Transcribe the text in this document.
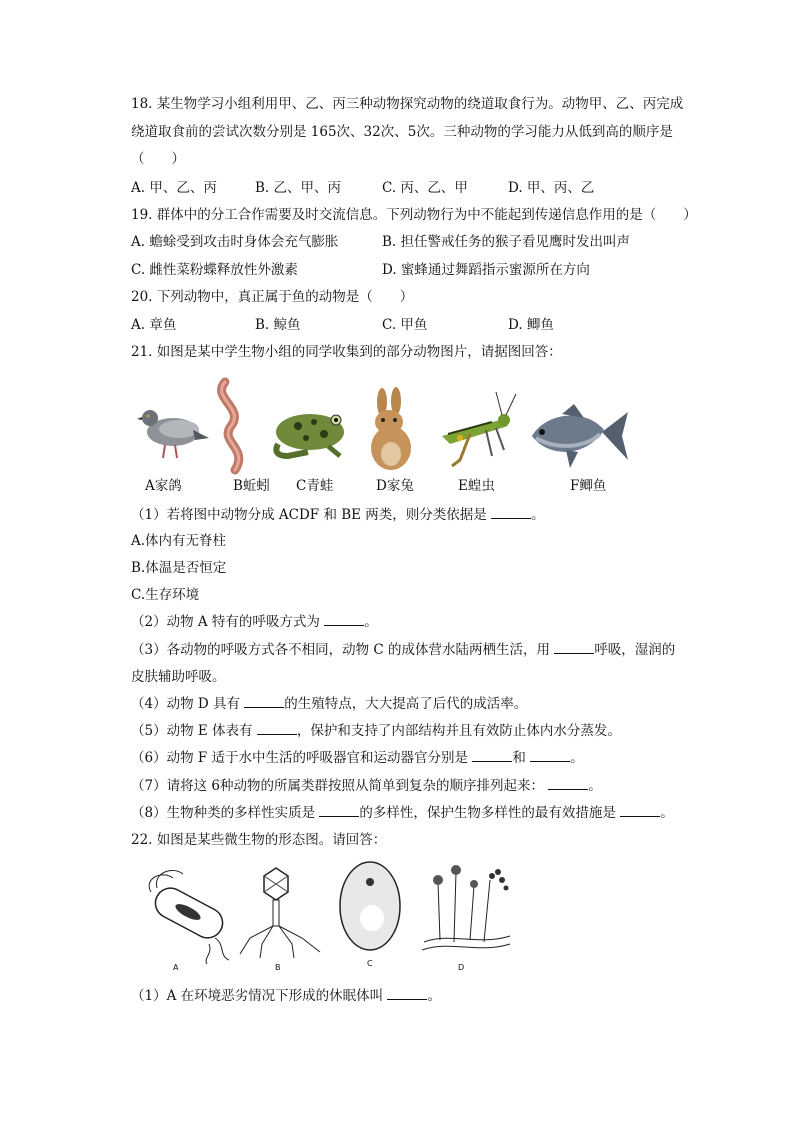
18. 某生物学习小组利用甲、乙、丙三种动物探究动物的绕道取食行为。动物甲、乙、丙完成
绕道取食前的尝试次数分别是 165次、32次、5次。三种动物的学习能力从低到高的顺序是
（　　）
A. 甲、乙、丙	B. 乙、甲、丙	C. 丙、乙、甲	D. 甲、丙、乙
19. 群体中的分工合作需要及时交流信息。下列动物行为中不能起到传递信息作用的是（　　）
A. 蟾蜍受到攻击时身体会充气膨胀	B. 担任警戒任务的猴子看见鹰时发出叫声
C. 雌性菜粉蝶释放性外激素	D. 蜜蜂通过舞蹈指示蜜源所在方向
20. 下列动物中，真正属于鱼的动物是（　　）
A. 章鱼	B. 鲸鱼	C. 甲鱼	D. 鲫鱼
21. 如图是某中学生物小组的同学收集到的部分动物图片，请据图回答：
A家鸽	B蚯蚓 C青蛙	D家兔	E蝗虫	F鲫鱼
（1）若将图中动物分成 ACDF 和 BE 两类，则分类依据是	。
A.体内有无脊柱
B.体温是否恒定
C.生存环境
（2）动物 A 特有的呼吸方式为	。
（3）各动物的呼吸方式各不相同，动物 C 的成体营水陆两栖生活，用	呼吸，湿润的
皮肤辅助呼吸。
（4）动物 D 具有	的生殖特点，大大提高了后代的成活率。
（5）动物 E 体表有	，保护和支持了内部结构并且有效防止体内水分蒸发。
（6）动物 F 适于水中生活的呼吸器官和运动器官分别是	和	。
（7）请将这 6种动物的所属类群按照从简单到复杂的顺序排列起来：	。
（8）生物种类的多样性实质是	的多样性，保护生物多样性的最有效措施是	。
22. 如图是某些微生物的形态图。请回答：
A	B	C	D
（1）A 在环境恶劣情况下形成的休眠体叫	。
